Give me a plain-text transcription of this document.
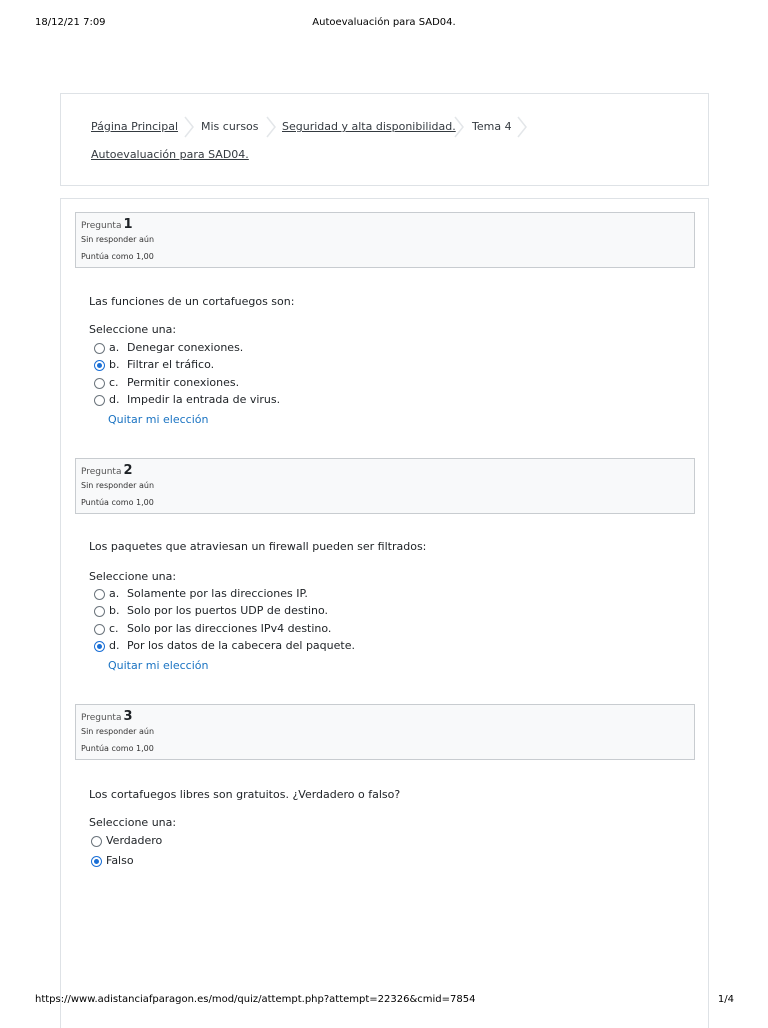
18/12/21 7:09	Autoevaluación para SAD04.
Página Principal Mis cursos Seguridad y alta disponibilidad. Tema 4
Autoevaluación para SAD04.
Pregunta 1
Sin responder aún
Puntúa como 1,00
Las funciones de un cortafuegos son:
Seleccione una:
a. Denegar conexiones.
b. Filtrar el tráfico.
c. Permitir conexiones.
d. Impedir la entrada de virus.
Quitar mi elección
Pregunta 2
Sin responder aún
Puntúa como 1,00
Los paquetes que atraviesan un firewall pueden ser filtrados:
Seleccione una:
a. Solamente por las direcciones IP.
b. Solo por los puertos UDP de destino.
c. Solo por las direcciones IPv4 destino.
d. Por los datos de la cabecera del paquete.
Quitar mi elección
Pregunta 3
Sin responder aún
Puntúa como 1,00
Los cortafuegos libres son gratuitos. ¿Verdadero o falso?
Seleccione una:
Verdadero
Falso
https://www.adistanciafparagon.es/mod/quiz/attempt.php?attempt=22326&cmid=7854	1/4
